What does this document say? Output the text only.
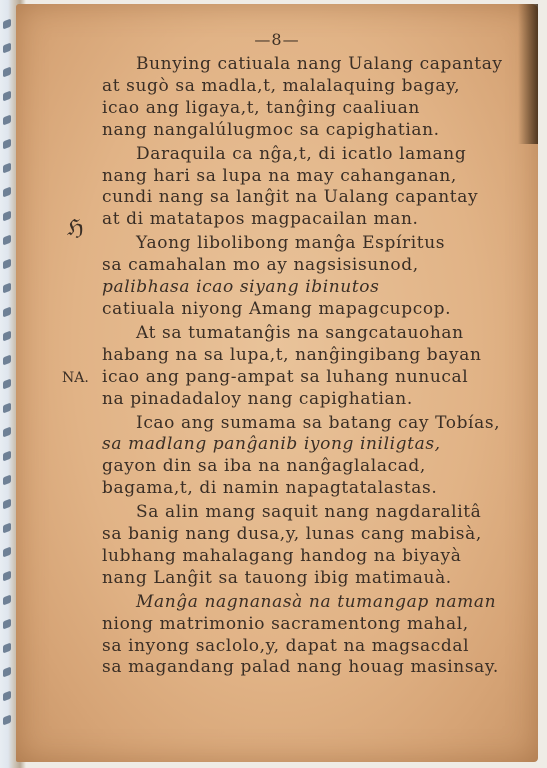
—8—
ℌ
NA.
Bunying catiuala nang Ualang capantay
at sugò sa madla,t, malalaquing bagay,
icao ang ligaya,t, tanĝing caaliuan
nang nangalúlugmoc sa capighatian.
Daraquila ca nĝa,t, di icatlo lamang
nang hari sa lupa na may cahanganan,
cundi nang sa lanĝit na Ualang capantay
at di matatapos magpacailan man.
Yaong libolibong manĝa Espíritus
sa camahalan mo ay nagsisisunod,
palibhasa icao siyang ibinutos
catiuala niyong Amang mapagcupcop.
At sa tumatanĝis na sangcatauohan
habang na sa lupa,t, nanĝingibang bayan
icao ang pang-ampat sa luhang nunucal
na pinadadaloy nang capighatian.
Icao ang sumama sa batang cay Tobías,
sa madlang panĝanib iyong iniligtas,
gayon din sa iba na nanĝaglalacad,
bagama,t, di namin napagtatalastas.
Sa alin mang saquit nang nagdaralitâ
sa banig nang dusa,y, lunas cang mabisà,
lubhang mahalagang handog na biyayà
nang Lanĝit sa tauong ibig matimauà.
Manĝa nagnanasà na tumangap naman
niong matrimonio sacramentong mahal,
sa inyong saclolo,y, dapat na magsacdal
sa magandang palad nang houag masinsay.
